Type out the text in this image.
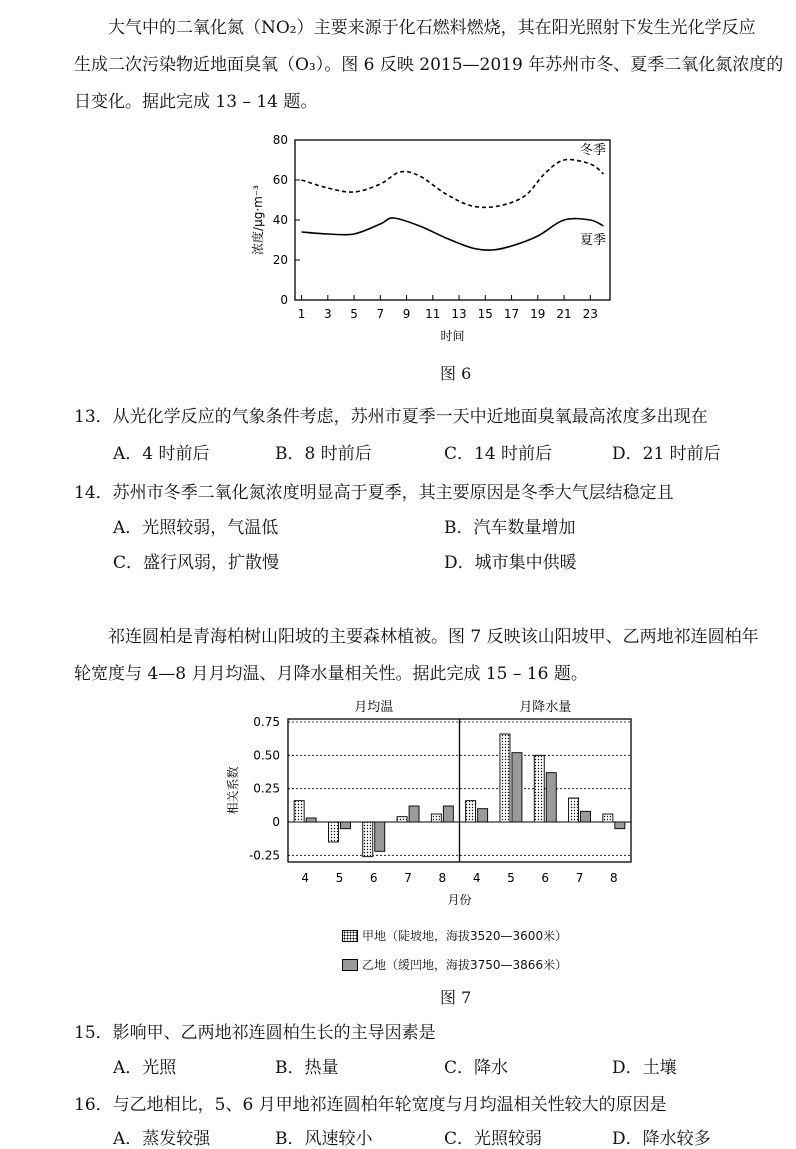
大气中的二氧化氮（NO₂）主要来源于化石燃料燃烧，其在阳光照射下发生光化学反应
生成二次污染物近地面臭氧（O₃）。图 6 反映 2015—2019 年苏州市冬、夏季二氧化氮浓度的
日变化。据此完成 13 – 14 题。
0
20
40
60
80
1 3 5 7 9 11 13 15 17 19 21 23
时间
浓度/μg·m⁻³
冬季
夏季
图 6
13．从光化学反应的气象条件考虑，苏州市夏季一天中近地面臭氧最高浓度多出现在
A．4 时前后	B．8 时前后	C．14 时前后	D．21 时前后
14．苏州市冬季二氧化氮浓度明显高于夏季，其主要原因是冬季大气层结稳定且
A．光照较弱，气温低	B．汽车数量增加
C．盛行风弱，扩散慢	D．城市集中供暖
祁连圆柏是青海柏树山阳坡的主要森林植被。图 7 反映该山阳坡甲、乙两地祁连圆柏年
轮宽度与 4—8 月月均温、月降水量相关性。据此完成 15 – 16 题。
0.75
0.50
0.25
0
-0.25
相关系数
月份
月均温
4 5 6 7 8
月降水量
4 5 6 7 8
甲地（陡坡地，海拔3520—3600米）
乙地（缓凹地，海拔3750—3866米）
图 7
15．影响甲、乙两地祁连圆柏生长的主导因素是
A．光照	B．热量	C．降水	D．土壤
16．与乙地相比，5、6 月甲地祁连圆柏年轮宽度与月均温相关性较大的原因是
A．蒸发较强	B．风速较小	C．光照较弱	D．降水较多
